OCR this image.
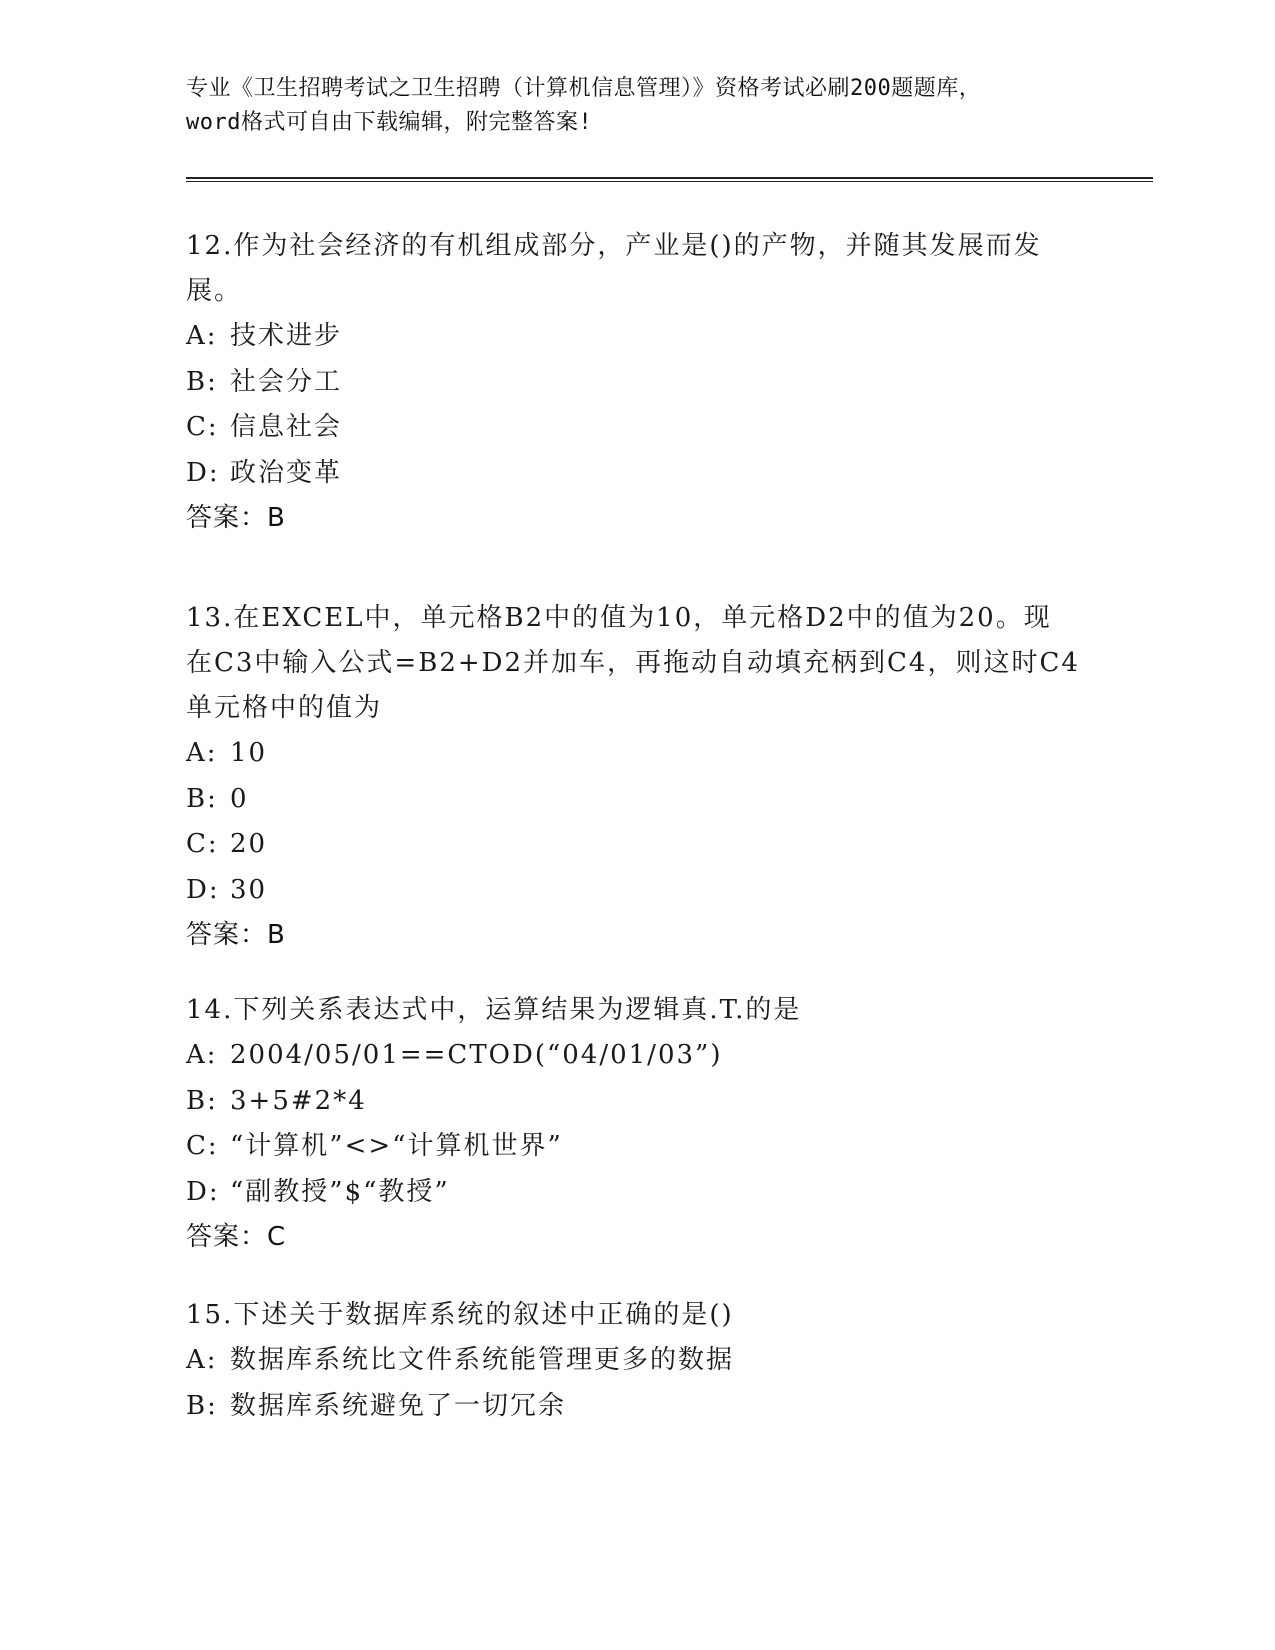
专业《卫生招聘考试之卫生招聘（计算机信息管理）》资格考试必刷200题题库，
word格式可自由下载编辑，附完整答案!
12.作为社会经济的有机组成部分，产业是()的产物，并随其发展而发
展。
A: 技术进步
B: 社会分工
C: 信息社会
D: 政治变革
答案：B
13.在EXCEL中，单元格B2中的值为10，单元格D2中的值为20。现
在C3中输入公式=B2+D2并加车，再拖动自动填充柄到C4，则这时C4
单元格中的值为
A: 10
B: 0
C: 20
D: 30
答案：B
14.下列关系表达式中，运算结果为逻辑真.T.的是
A: 2004/05/01==CTOD(“04/01/03”)
B: 3+5#2*4
C: “计算机”<>“计算机世界”
D: “副教授”$“教授”
答案：C
15.下述关于数据库系统的叙述中正确的是()
A: 数据库系统比文件系统能管理更多的数据
B: 数据库系统避免了一切冗余
